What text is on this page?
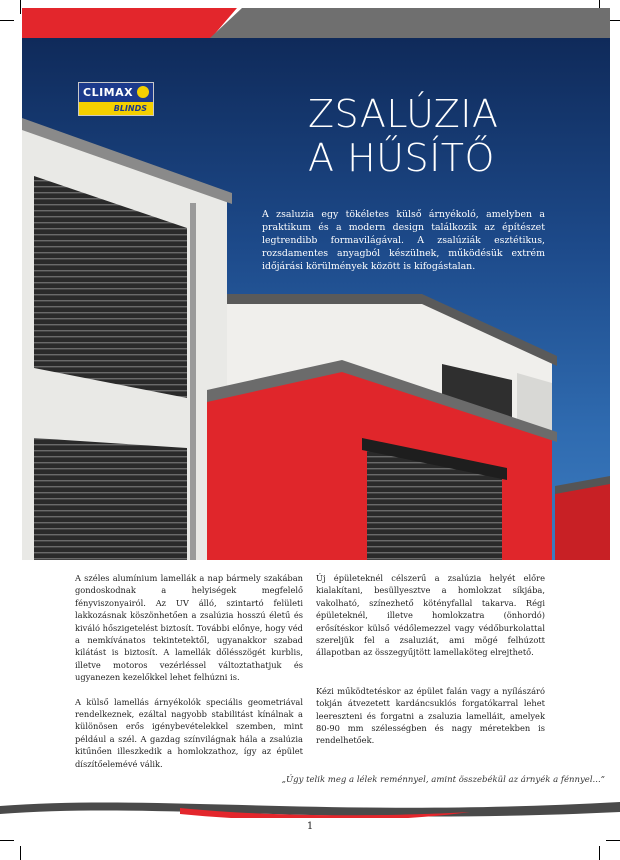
CLIMAX
BLINDS	ZSALÚZIA
A HŰSÍTŐ
A zsaluzia egy tökéletes külső árnyékoló, amelyben a praktikum és a modern design találkozik az építészet legtrendibb formavilágával. A zsalúziák esztétikus, rozsdamentes anyagból készülnek, működésük extrém időjárási körülmények között is kifogástalan.

A széles alumínium lamellák a nap bármely szakában gondoskodnak a helyiségek megfelelő fényviszonyairól. Az UV álló, szintartó felületi lakkozásnak köszönhetően a zsalúzia hosszú életű és kiváló hőszigetelést biztosít. További előnye, hogy véd a nemkívánatos tekintetektől, ugyanakkor szabad kilátást is biztosít. A lamellák dőlésszögét kurblis, illetve motoros vezérléssel változtathatjuk és ugyanezen kezelőkkel lehet felhúzni is.

A külső lamellás árnyékolók speciális geometriával rendelkeznek, ezáltal nagyobb stabilitást kínálnak a különösen erős igénybevételekkel szemben, mint például a szél. A gazdag színvilágnak hála a zsalúzia kitűnően illeszkedik a homlokzathoz, így az épület díszítőelemévé válik.

Új épületeknél célszerű a zsalúzia helyét előre kialakítani, besüllyesztve a homlokzat síkjába, vakolható, színezhető kötényfallal takarva. Régi épületeknél, illetve homlokzatra (önhordó) erősítéskor külső védőlemezzel vagy védőburkolattal szereljük fel a zsaluziát, ami mögé felhúzott állapotban az összegyűjtött lamellaköteg elrejthető.

Kézi működtetéskor az épület falán vagy a nyílászáró tokján átvezetett kardáncsuklós forgatókarral lehet leereszteni és forgatni a zsaluzia lamelláit, amelyek 80-90 mm szélességben és nagy méretekben is rendelhetőek.

„Úgy telik meg a lélek reménnyel, amint összebékül az árnyék a fénnyel...”
1
